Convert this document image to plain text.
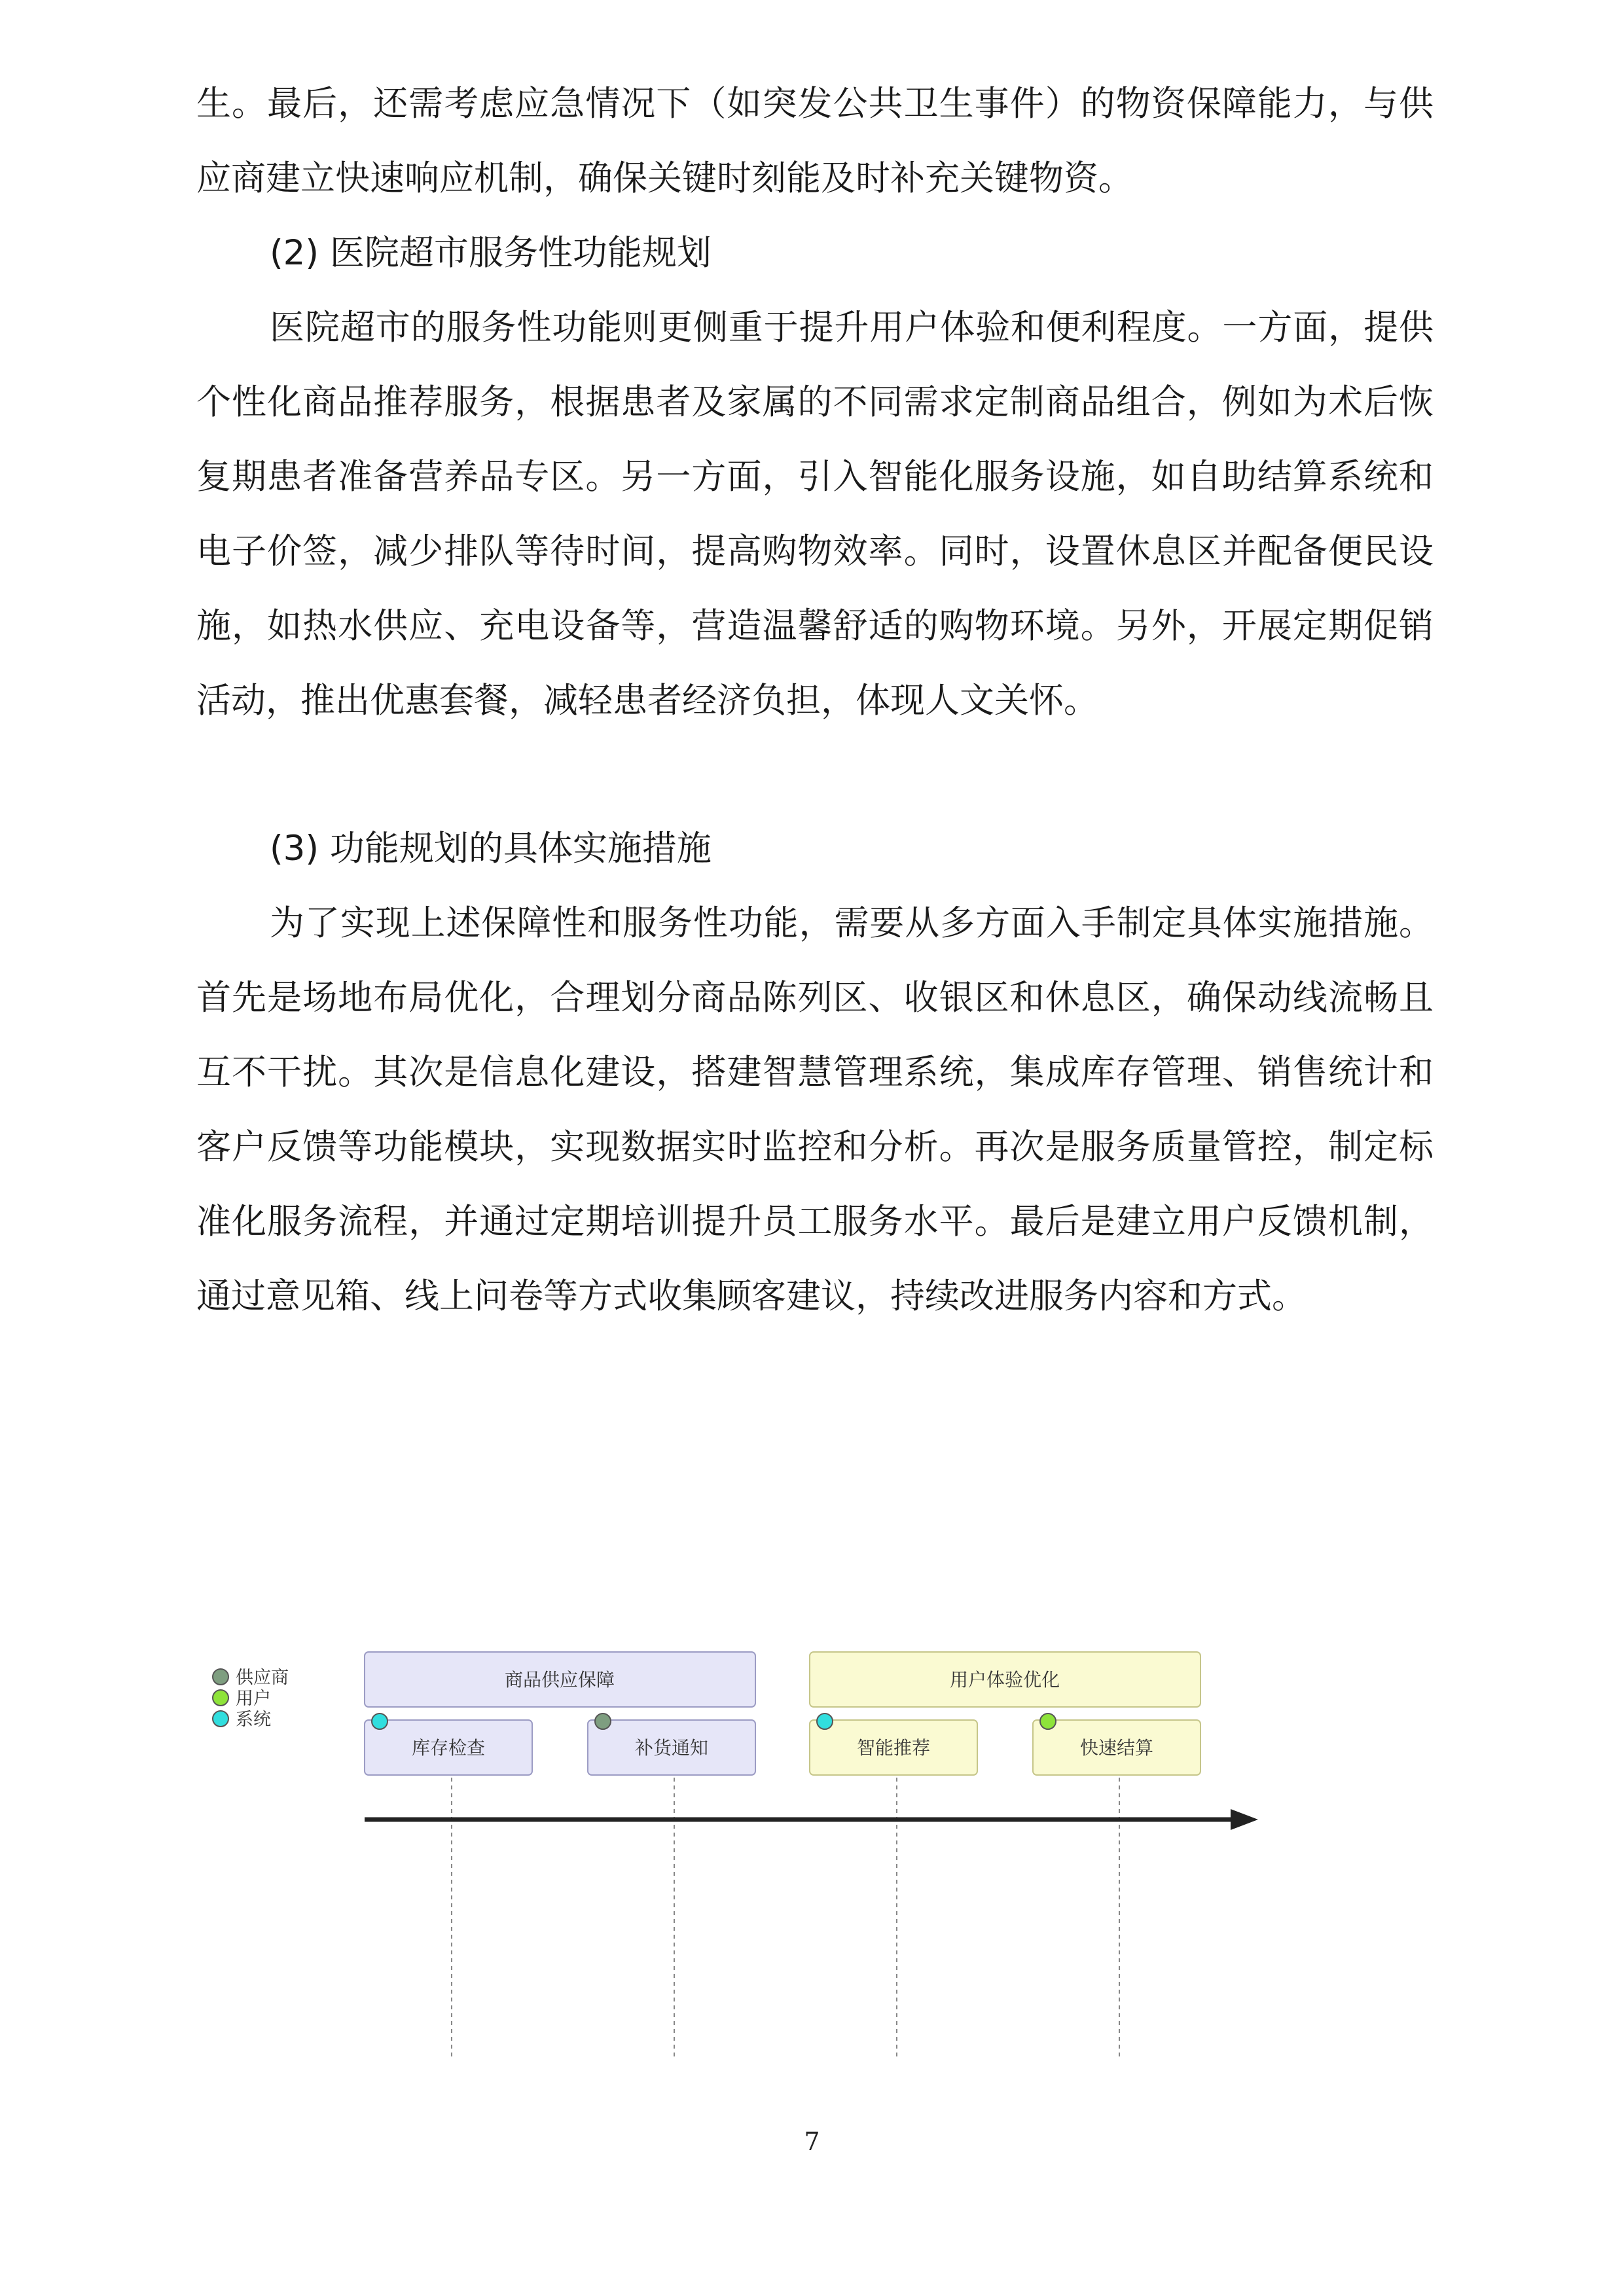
生。最后，还需考虑应急情况下（如突发公共卫生事件）的物资保障能力，与供应商建立快速响应机制，确保关键时刻能及时补充关键物资。

(2) 医院超市服务性功能规划

医院超市的服务性功能则更侧重于提升用户体验和便利程度。一方面，提供个性化商品推荐服务，根据患者及家属的不同需求定制商品组合，例如为术后恢复期患者准备营养品专区。另一方面，引入智能化服务设施，如自助结算系统和电子价签，减少排队等待时间，提高购物效率。同时，设置休息区并配备便民设施，如热水供应、充电设备等，营造温馨舒适的购物环境。另外，开展定期促销活动，推出优惠套餐，减轻患者经济负担，体现人文关怀。

(3) 功能规划的具体实施措施

为了实现上述保障性和服务性功能，需要从多方面入手制定具体实施措施。首先是场地布局优化，合理划分商品陈列区、收银区和休息区，确保动线流畅且互不干扰。其次是信息化建设，搭建智慧管理系统，集成库存管理、销售统计和客户反馈等功能模块，实现数据实时监控和分析。再次是服务质量管控，制定标准化服务流程，并通过定期培训提升员工服务水平。最后是建立用户反馈机制，通过意见箱、线上问卷等方式收集顾客建议，持续改进服务内容和方式。

供应商
用户
系统
商品供应保障	用户体验优化
库存检查	补货通知	智能推荐	快速结算
7
